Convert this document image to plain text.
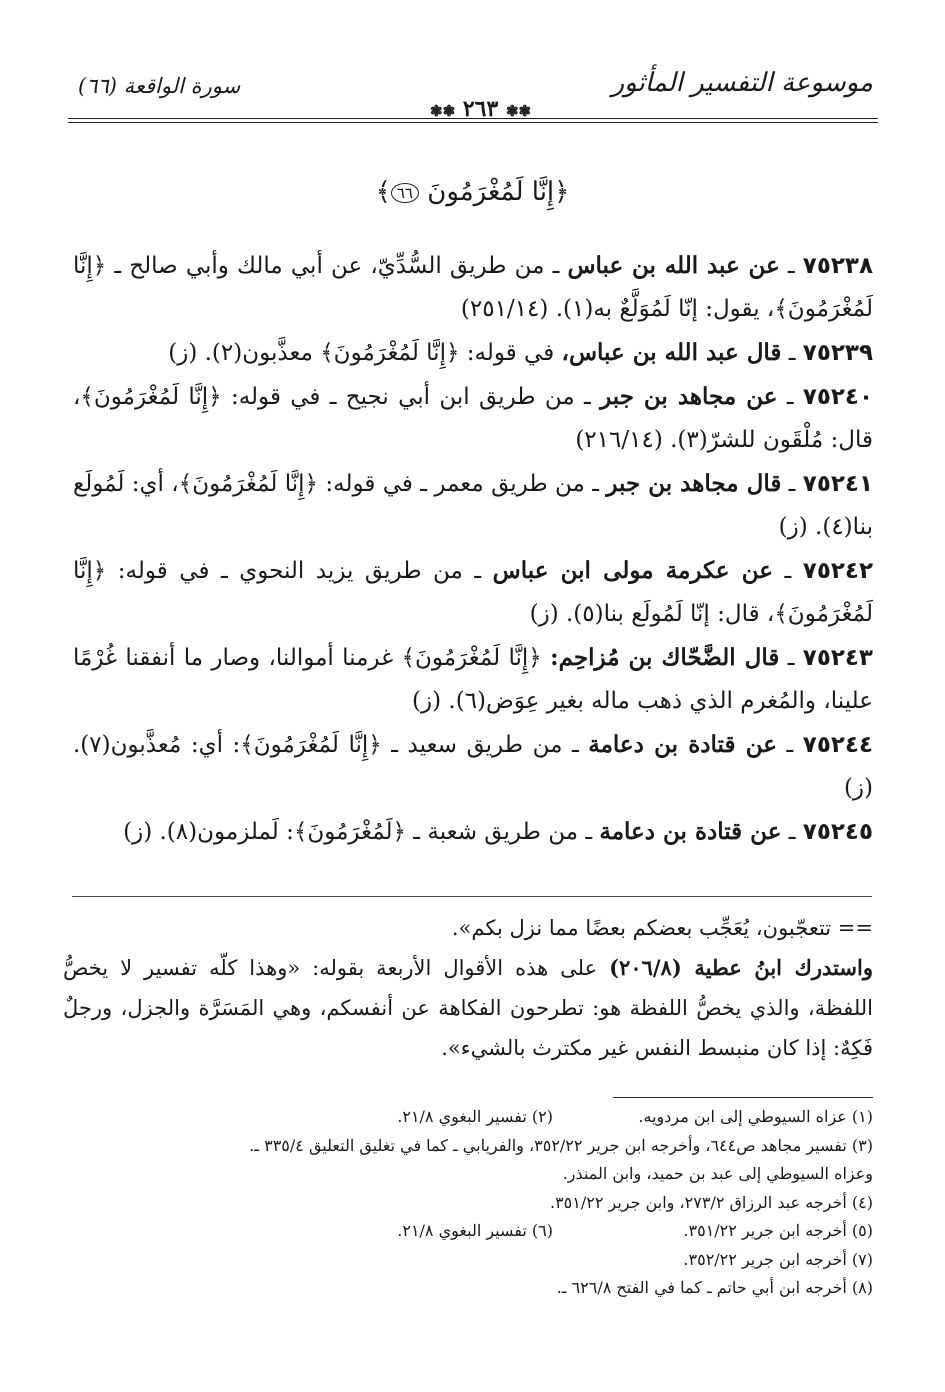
موسوعة التفسير المأثور
❃⁠❃ ٢٦٣ ❃⁠❃
سورة الواقعة (٦٦)
﴿إِنَّا لَمُغْرَمُونَ ٦٦﴾

٧٥٢٣٨ ـ عن عبد الله بن عباس ـ من طريق السُّدِّيّ، عن أبي مالك وأبي صالح ـ ﴿إِنَّا لَمُغْرَمُونَ﴾، يقول: إنّا لَمُوَلَّعٌ به(١). (٢٥١/١٤)

٧٥٢٣٩ ـ قال عبد الله بن عباس، في قوله: ﴿إِنَّا لَمُغْرَمُونَ﴾ معذَّبون(٢). (ز)

٧٥٢٤٠ ـ عن مجاهد بن جبر ـ من طريق ابن أبي نجيح ـ في قوله: ﴿إِنَّا لَمُغْرَمُونَ﴾، قال: مُلْقَون للشرّ(٣). (٢١٦/١٤)

٧٥٢٤١ ـ قال مجاهد بن جبر ـ من طريق معمر ـ في قوله: ﴿إِنَّا لَمُغْرَمُونَ﴾، أي: لَمُولَع بنا(٤). (ز)

٧٥٢٤٢ ـ عن عكرمة مولى ابن عباس ـ من طريق يزيد النحوي ـ في قوله: ﴿إِنَّا لَمُغْرَمُونَ﴾، قال: إنّا لَمُولَع بنا(٥). (ز)

٧٥٢٤٣ ـ قال الضَّحّاك بن مُزاحِم: ﴿إِنَّا لَمُغْرَمُونَ﴾ غرمنا أموالنا، وصار ما أنفقنا غُرْمًا علينا، والمُغرم الذي ذهب ماله بغير عِوَض(٦). (ز)

٧٥٢٤٤ ـ عن قتادة بن دعامة ـ من طريق سعيد ـ ﴿إِنَّا لَمُغْرَمُونَ﴾: أي: مُعذَّبون(٧). (ز)

٧٥٢٤٥ ـ عن قتادة بن دعامة ـ من طريق شعبة ـ ﴿لَمُغْرَمُونَ﴾: لَملزمون(٨). (ز)

== تتعجّبون، يُعَجِّب بعضكم بعضًا مما نزل بكم».
واستدرك ابنُ عطية (٢٠٦/٨) على هذه الأقوال الأربعة بقوله: «وهذا كلّه تفسير لا يخصُّ اللفظة، والذي يخصُّ اللفظة هو: تطرحون الفكاهة عن أنفسكم، وهي المَسَرَّة والجزل، ورجلٌ فَكِهٌ: إذا كان منبسط النفس غير مكترث بالشيء».
(١) عزاه السيوطي إلى ابن مردويه.
(٢) تفسير البغوي ٢١/٨.
(٣) تفسير مجاهد ص٦٤٤، وأخرجه ابن جرير ٣٥٢/٢٢، والفريابي ـ كما في تغليق التعليق ٣٣٥/٤ ـ.
وعزاه السيوطي إلى عبد بن حميد، وابن المنذر.
(٤) أخرجه عبد الرزاق ٢٧٣/٢، وابن جرير ٣٥١/٢٢.
(٥) أخرجه ابن جرير ٣٥١/٢٢.
(٦) تفسير البغوي ٢١/٨.
(٧) أخرجه ابن جرير ٣٥٢/٢٢.
(٨) أخرجه ابن أبي حاتم ـ كما في الفتح ٦٢٦/٨ ـ.
